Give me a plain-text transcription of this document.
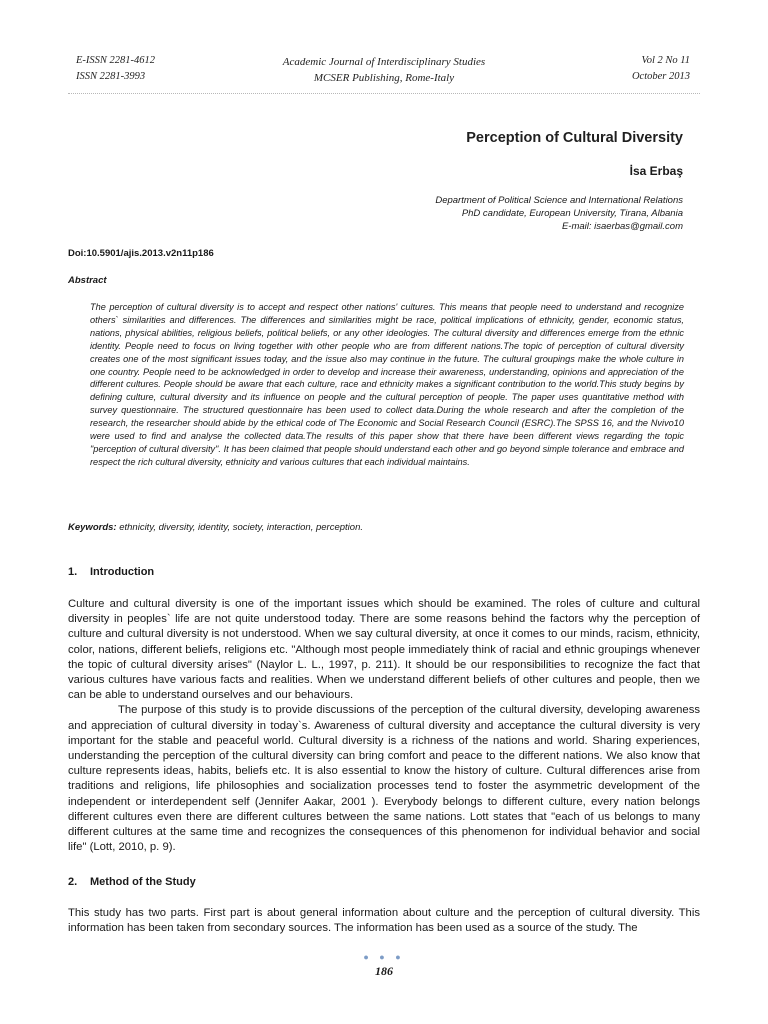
E-ISSN 2281-4612
ISSN 2281-3993
Academic Journal of Interdisciplinary Studies
MCSER Publishing, Rome-Italy
Vol 2 No 11
October 2013
Perception of Cultural Diversity
İsa Erbaş
Department of Political Science and International Relations
PhD candidate, European University, Tirana, Albania
E-mail: isaerbas@gmail.com
Doi:10.5901/ajis.2013.v2n11p186
Abstract
The perception of cultural diversity is to accept and respect other nations' cultures. This means that people need to understand and recognize others` similarities and differences. The differences and similarities might be race, political implications of ethnicity, gender, economic status, nations, physical abilities, religious beliefs, political beliefs, or any other ideologies. The cultural diversity and differences emerge from the ethnic identity. People need to focus on living together with other people who are from different nations.The topic of perception of cultural diversity creates one of the most significant issues today, and the issue also may continue in the future. The cultural groupings make the whole culture in one country. People need to be acknowledged in order to develop and increase their awareness, understanding, opinions and appreciation of the different cultures. People should be aware that each culture, race and ethnicity makes a significant contribution to the world.This study begins by defining culture, cultural diversity and its influence on people and the cultural perception of people. The paper uses quantitative method with survey questionnaire. The structured questionnaire has been used to collect data.During the whole research and after the completion of the research, the researcher should abide by the ethical code of The Economic and Social Research Council (ESRC).The SPSS 16, and the Nvivo10 were used to find and analyse the collected data.The results of this paper show that there have been different views regarding the topic "perception of cultural diversity". It has been claimed that people should understand each other and go beyond simple tolerance and embrace and respect the rich cultural diversity, ethnicity and various cultures that each individual maintains.
Keywords: ethnicity, diversity, identity, society, interaction, perception.
1. Introduction

Culture and cultural diversity is one of the important issues which should be examined. The roles of culture and cultural diversity in peoples` life are not quite understood today. There are some reasons behind the factors why the perception of culture and cultural diversity is not understood. When we say cultural diversity, at once it comes to our minds, racism, ethnicity, color, nations, different beliefs, religions etc. "Although most people immediately think of racial and ethnic groupings whenever the topic of cultural diversity arises" (Naylor L. L., 1997, p. 211). It should be our responsibilities to recognize the fact that various cultures have various facts and realities. When we understand different beliefs of other cultures and people, then we can be able to understand ourselves and our behaviours.

The purpose of this study is to provide discussions of the perception of the cultural diversity, developing awareness and appreciation of cultural diversity in today`s. Awareness of cultural diversity and acceptance the cultural diversity is very important for the stable and peaceful world. Cultural diversity is a richness of the nations and world. Sharing experiences, understanding the perception of the cultural diversity can bring comfort and peace to the different nations. We also know that culture represents ideas, habits, beliefs etc. It is also essential to know the history of culture. Cultural differences arise from traditions and religions, life philosophies and socialization processes tend to foster the asymmetric development of the independent or interdependent self (Jennifer Aakar, 2001 ). Everybody belongs to different culture, every nation belongs different cultures even there are different cultures between the same nations. Lott states that "each of us belongs to many different cultures at the same time and recognizes the consequences of this phenomenon for individual behavior and social life" (Lott, 2010, p. 9).

2. Method of the Study

This study has two parts. First part is about general information about culture and the perception of cultural diversity. This information has been taken from secondary sources. The information has been used as a source of the study. The

● ● ●
186
